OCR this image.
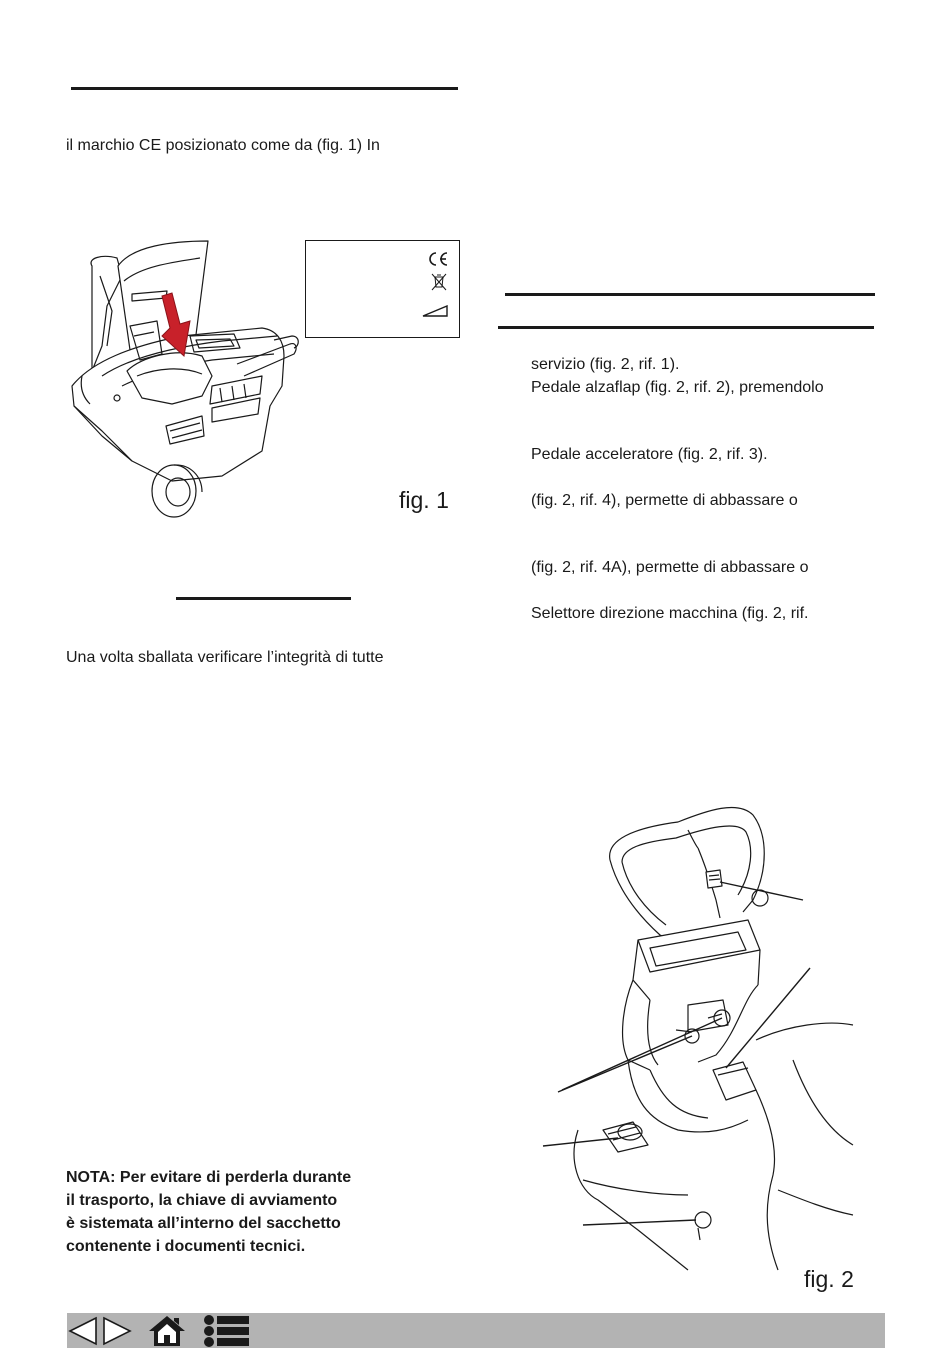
il marchio CE posizionato come da (fig. 1) In
fig. 1
Una volta sballata verificare l’integrità di tutte
NOTA: Per evitare di perderla durante
il trasporto, la chiave di avviamento
è sistemata all’interno del sacchetto
contenente i documenti tecnici.
servizio (fig. 2, rif. 1).
Pedale alzaflap (fig. 2, rif. 2), premendolo
Pedale acceleratore (fig. 2, rif. 3).
(fig. 2, rif. 4), permette di abbassare o
(fig. 2, rif. 4A), permette di abbassare o
Selettore direzione macchina (fig. 2, rif.
fig. 2
